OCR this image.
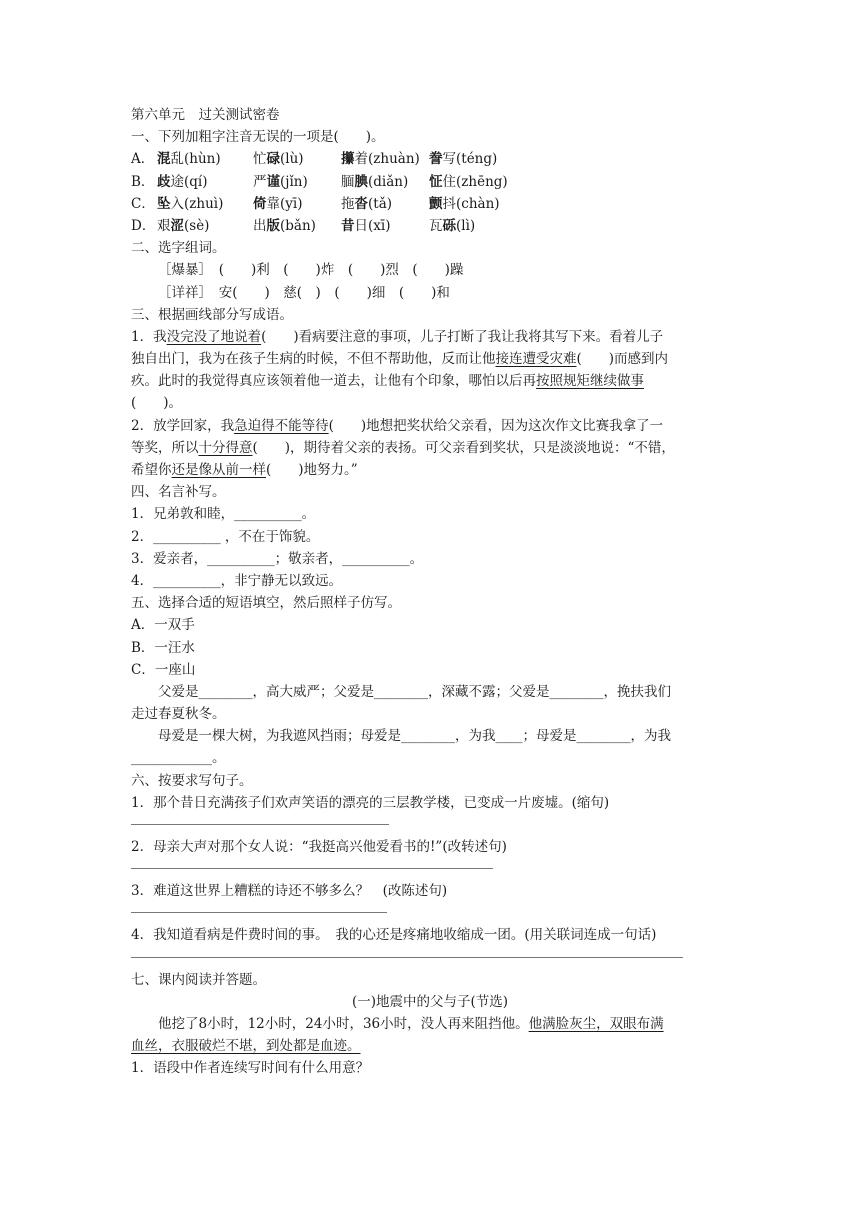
第六单元　过关测试密卷
一、下列加粗字注音无误的一项是(　　)。
A． 混乱(hùn) 忙碌(lù)	攥着(zhuàn) 誊写(téng)
B． 歧途(qí)	严谨(jǐn) 腼腆(diǎn) 怔住(zhēng)
C． 坠入(zhuì) 倚靠(yī)	拖沓(tǎ)	颤抖(chàn)
D． 艰涩(sè)	出版(bǎn) 昔日(xī)	瓦砾(lì)
二、选字组词。
［爆暴］　(　　)利　(　　)炸　(　　)烈　(　　)躁
［详祥］　安(　　)　慈(　)　(　　)细　(　　)和
三、根据画线部分写成语。
1．我没完没了地说着(　　)看病要注意的事项，儿子打断了我让我将其写下来。看着儿子
独自出门，我为在孩子生病的时候，不但不帮助他，反而让他接连遭受灾难(　　)而感到内
疚。此时的我觉得真应该领着他一道去，让他有个印象，哪怕以后再按照规矩继续做事
(　　)。
2．放学回家，我急迫得不能等待(　　)地想把奖状给父亲看，因为这次作文比赛我拿了一
等奖，所以十分得意(　　)，期待着父亲的表扬。可父亲看到奖状，只是淡淡地说：“不错，
希望你还是像从前一样(　　)地努力。”
四、名言补写。
1．兄弟敦和睦，__________。
2．__________ ，不在于饰貌。
3．爱亲者，__________；敬亲者，__________。
4．__________，非宁静无以致远。
五、选择合适的短语填空，然后照样子仿写。
A．一双手
B．一汪水
C．一座山
父爱是________，高大威严；父爱是________，深藏不露；父爱是________，挽扶我们
走过春夏秋冬。
母爱是一棵大树，为我遮风挡雨；母爱是________，为我____；母爱是________，为我
____________。
六、按要求写句子。
1．那个昔日充满孩子们欢声笑语的漂亮的三层教学楼，已变成一片废墟。(缩句)
2．母亲大声对那个女人说：“我挺高兴他爱看书的!”(改转述句)
3．难道这世界上糟糕的诗还不够多么？　(改陈述句)
4．我知道看病是件费时间的事。　我的心还是疼痛地收缩成一团。(用关联词连成一句话)
七、课内阅读并答题。
(一)地震中的父与子(节选)
他挖了8小时，12小时，24小时，36小时，没人再来阻挡他。他满脸灰尘，双眼布满
血丝，衣服破烂不堪，到处都是血迹。
1．语段中作者连续写时间有什么用意？
